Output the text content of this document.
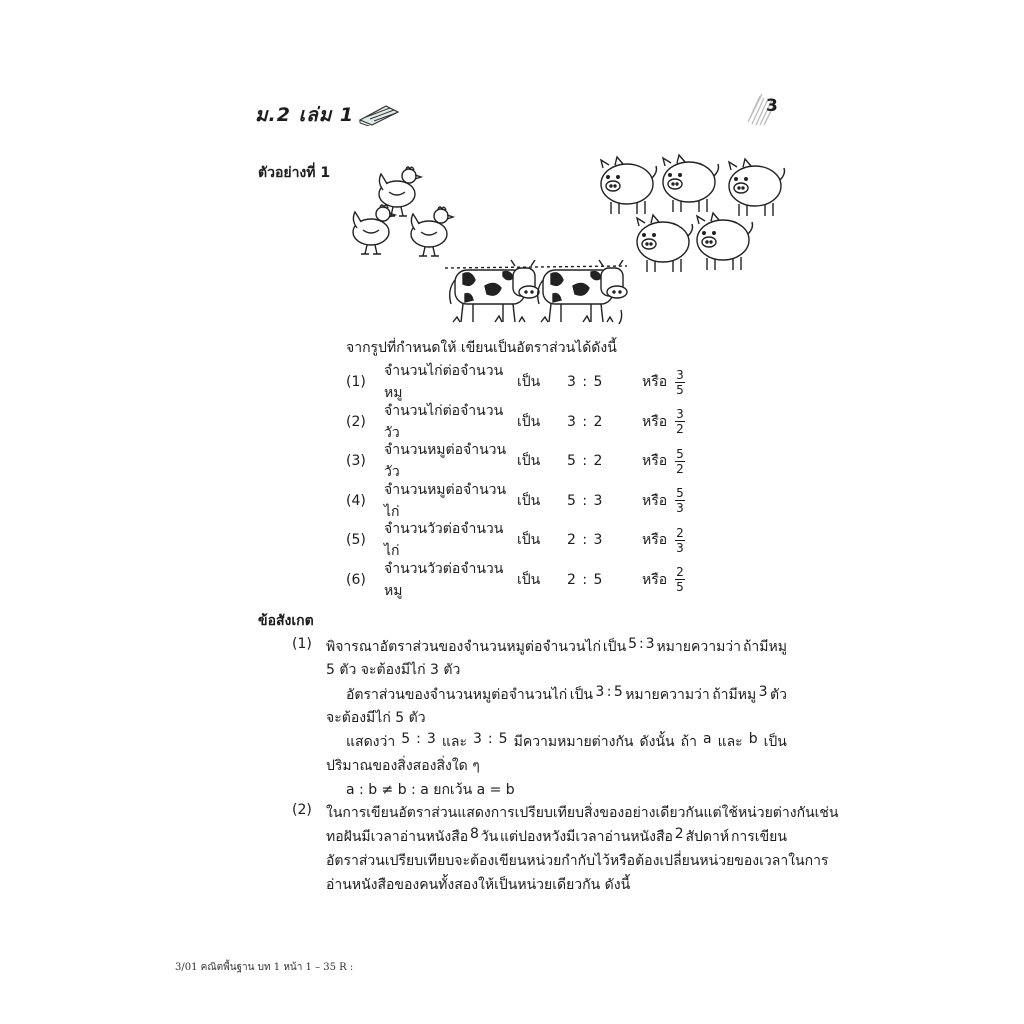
ม.2 เล่ม 1	3
ตัวอย่างที่ 1
จากรูปที่กำหนดให้ เขียนเป็นอัตราส่วนได้ดังนี้
(1)
จำนวนไก่ต่อจำนวนหมู
เป็น	3 : 5	หรือ $\frac{3}{5}$
(2)
จำนวนไก่ต่อจำนวนวัว
เป็น	3 : 2	หรือ $\frac{3}{2}$
(3)
จำนวนหมูต่อจำนวนวัว
เป็น	5 : 2	หรือ $\frac{5}{2}$
(4)
จำนวนหมูต่อจำนวนไก่
เป็น	5 : 3	หรือ $\frac{5}{3}$
(5)
จำนวนวัวต่อจำนวนไก่
เป็น	2 : 3	หรือ $\frac{2}{3}$
(6)
จำนวนวัวต่อจำนวนหมู
เป็น	2 : 5	หรือ $\frac{2}{5}$
ข้อสังเกต
(1) พิจารณาอัตราส่วนของจำนวนหมูต่อจำนวนไก่ เป็น 5 : 3 หมายความว่า ถ้ามีหมู
5 ตัว จะต้องมีไก่ 3 ตัว
อัตราส่วนของจำนวนหมูต่อจำนวนไก่ เป็น 3 : 5 หมายความว่า ถ้ามีหมู 3 ตัว
จะต้องมีไก่ 5 ตัว
แสดงว่า 5 : 3 และ 3 : 5 มีความหมายต่างกัน ดังนั้น ถ้า a และ b เป็น
ปริมาณของสิ่งสองสิ่งใด ๆ
a : b ≠ b : a ยกเว้น a = b
(2) ในการเขียนอัตราส่วนแสดงการเปรียบเทียบสิ่งของอย่างเดียวกัน แต่ใช้หน่วยต่างกัน เช่น
ทอฝันมีเวลาอ่านหนังสือ 8 วัน แต่ปองหวังมีเวลาอ่านหนังสือ 2 สัปดาห์ การเขียน
อัตราส่วนเปรียบเทียบจะต้องเขียนหน่วยกำกับไว้ หรือต้องเปลี่ยนหน่วยของเวลาในการ
อ่านหนังสือของคนทั้งสองให้เป็นหน่วยเดียวกัน ดังนี้
3/01 คณิตพื้นฐาน บท 1 หน้า 1 – 35 R :
